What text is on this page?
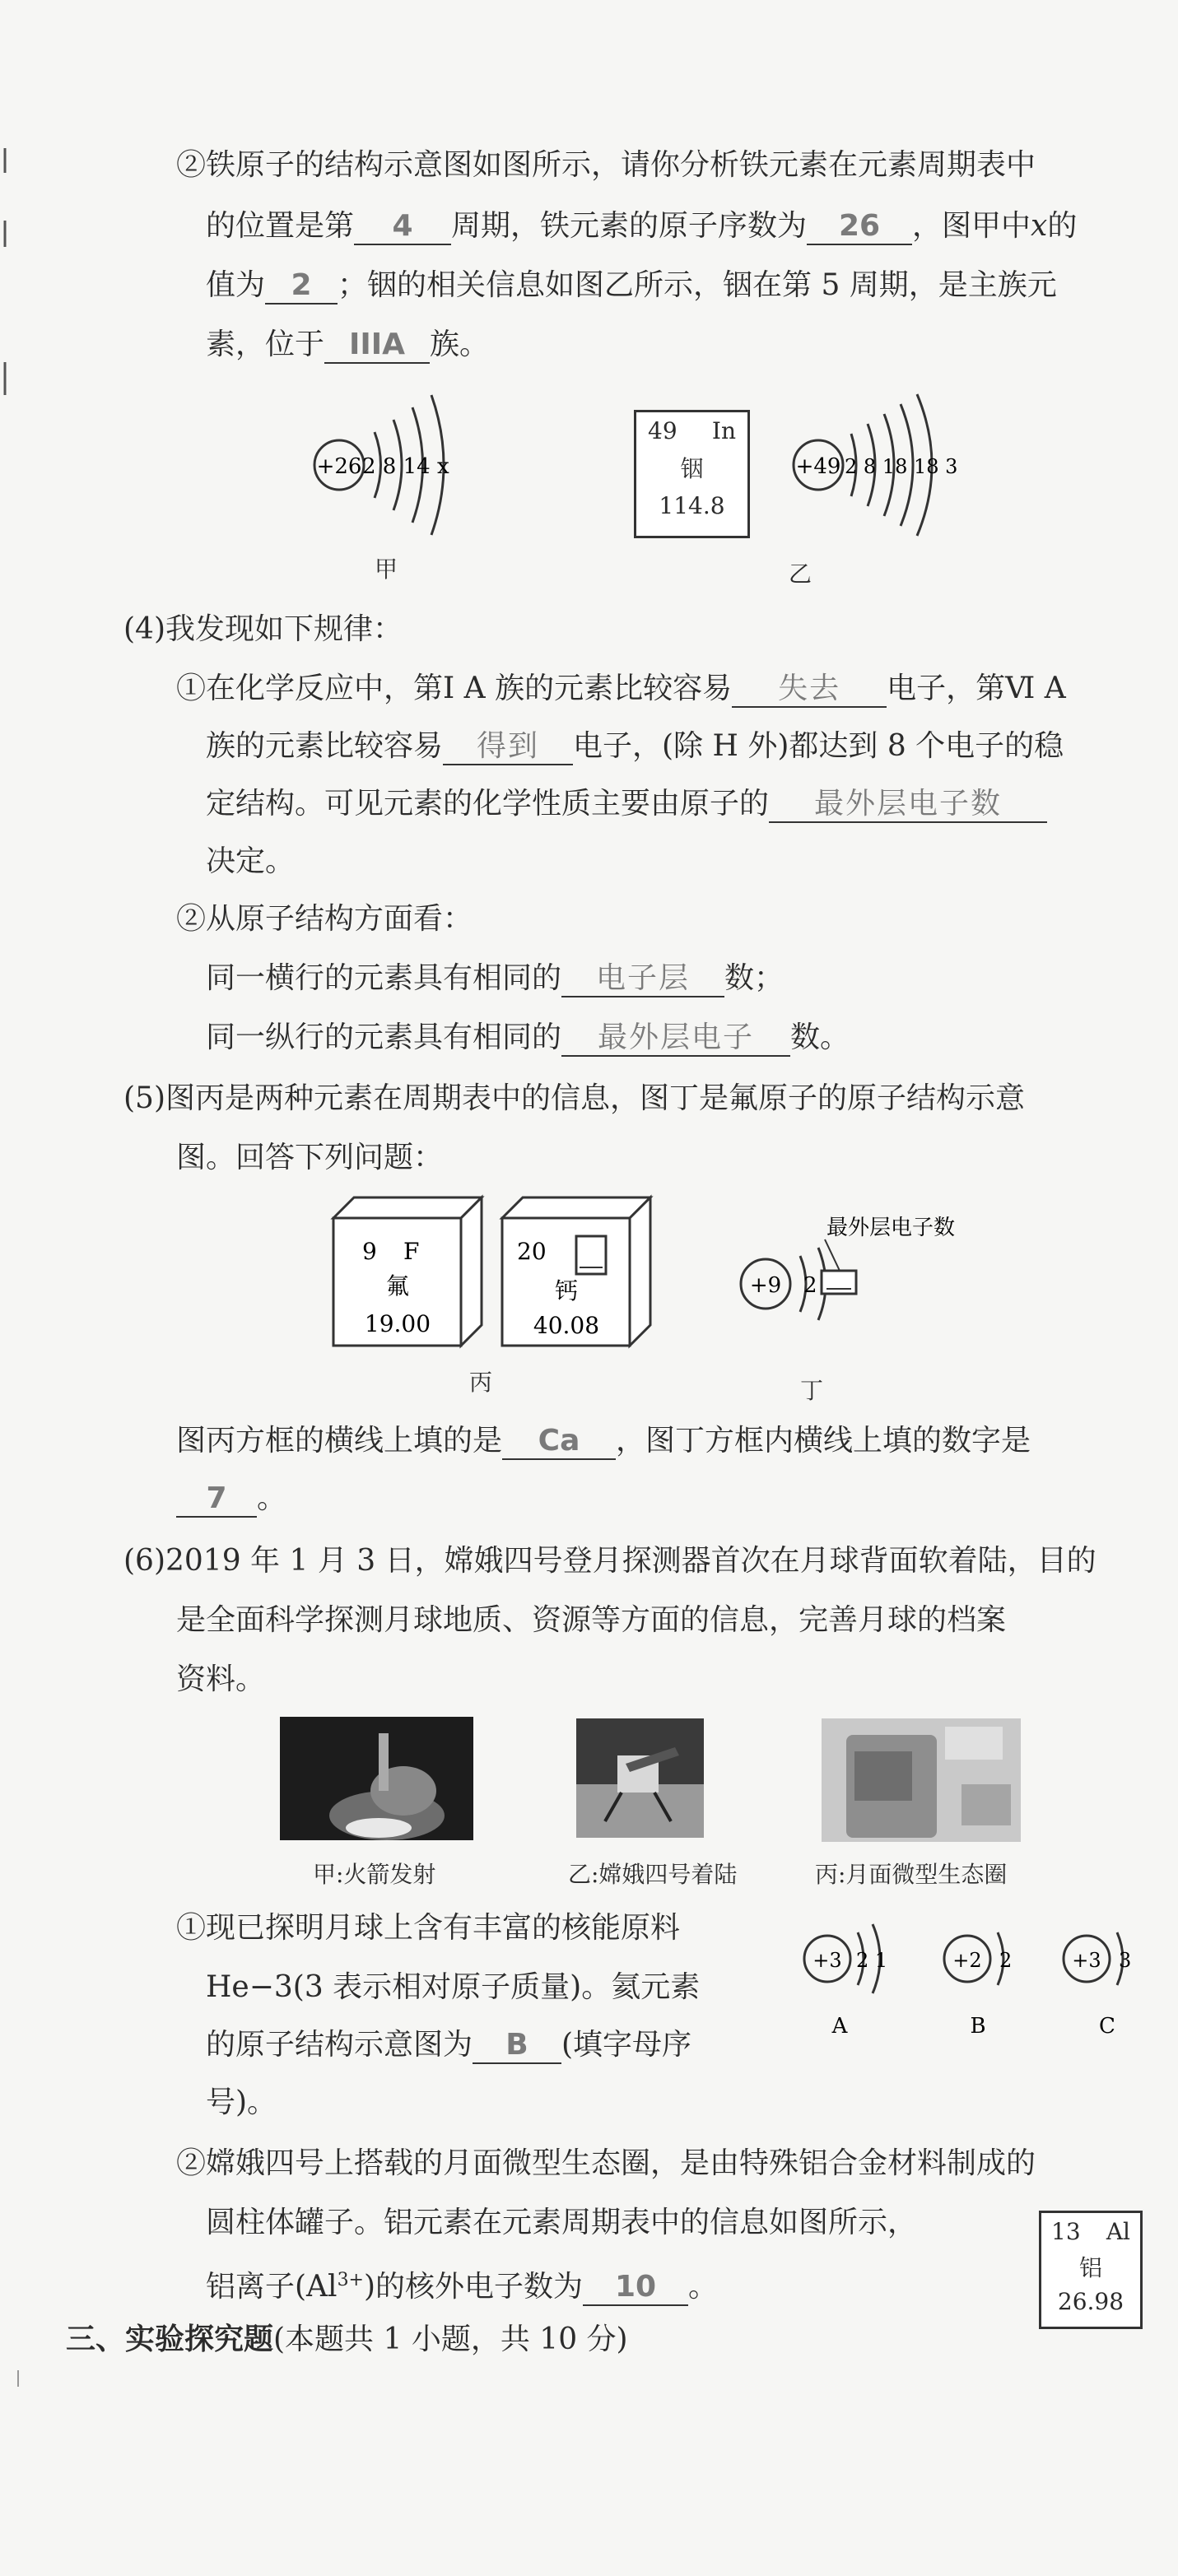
②铁原子的结构示意图如图所示，请你分析铁元素在元素周期表中
的位置是第 4 周期，铁元素的原子序数为 26 ，图甲中x的
值为 2 ；铟的相关信息如图乙所示，铟在第 5 周期，是主族元
素，位于 IIIA 族。
+26 2 8 14 x
甲
49 In
铟
114.8
+49 2 8 18 18 3
乙
(4)我发现如下规律：
①在化学反应中，第Ⅰ A 族的元素比较容易 失去 电子，第Ⅵ A
族的元素比较容易 得到 电子，(除 H 外)都达到 8 个电子的稳
定结构。可见元素的化学性质主要由原子的 最外层电子数
决定。
②从原子结构方面看：
同一横行的元素具有相同的 电子层 数；
同一纵行的元素具有相同的 最外层电子 数。
(5)图丙是两种元素在周期表中的信息，图丁是氟原子的原子结构示意
图。回答下列问题：
9 F
氟
19.00
20
钙
40.08
丙
+9 2
最外层电子数
丁
图丙方框的横线上填的是 Ca ，图丁方框内横线上填的数字是
7 。
(6)2019 年 1 月 3 日，嫦娥四号登月探测器首次在月球背面软着陆，目的
是全面科学探测月球地质、资源等方面的信息，完善月球的档案
资料。
甲:火箭发射	乙:嫦娥四号着陆	丙:月面微型生态圈
①现已探明月球上含有丰富的核能原料
He−3(3 表示相对原子质量)。氦元素
的原子结构示意图为 B (填字母序
号)。
+3 2 1
A
+2 2
B
+3 3
C
②嫦娥四号上搭载的月面微型生态圈，是由特殊铝合金材料制成的
圆柱体罐子。铝元素在元素周期表中的信息如图所示，
铝离子$(Al^{3+})$的核外电子数为 10 。
13 Al
铝
26.98
三、实验探究题(本题共 1 小题，共 10 分)
